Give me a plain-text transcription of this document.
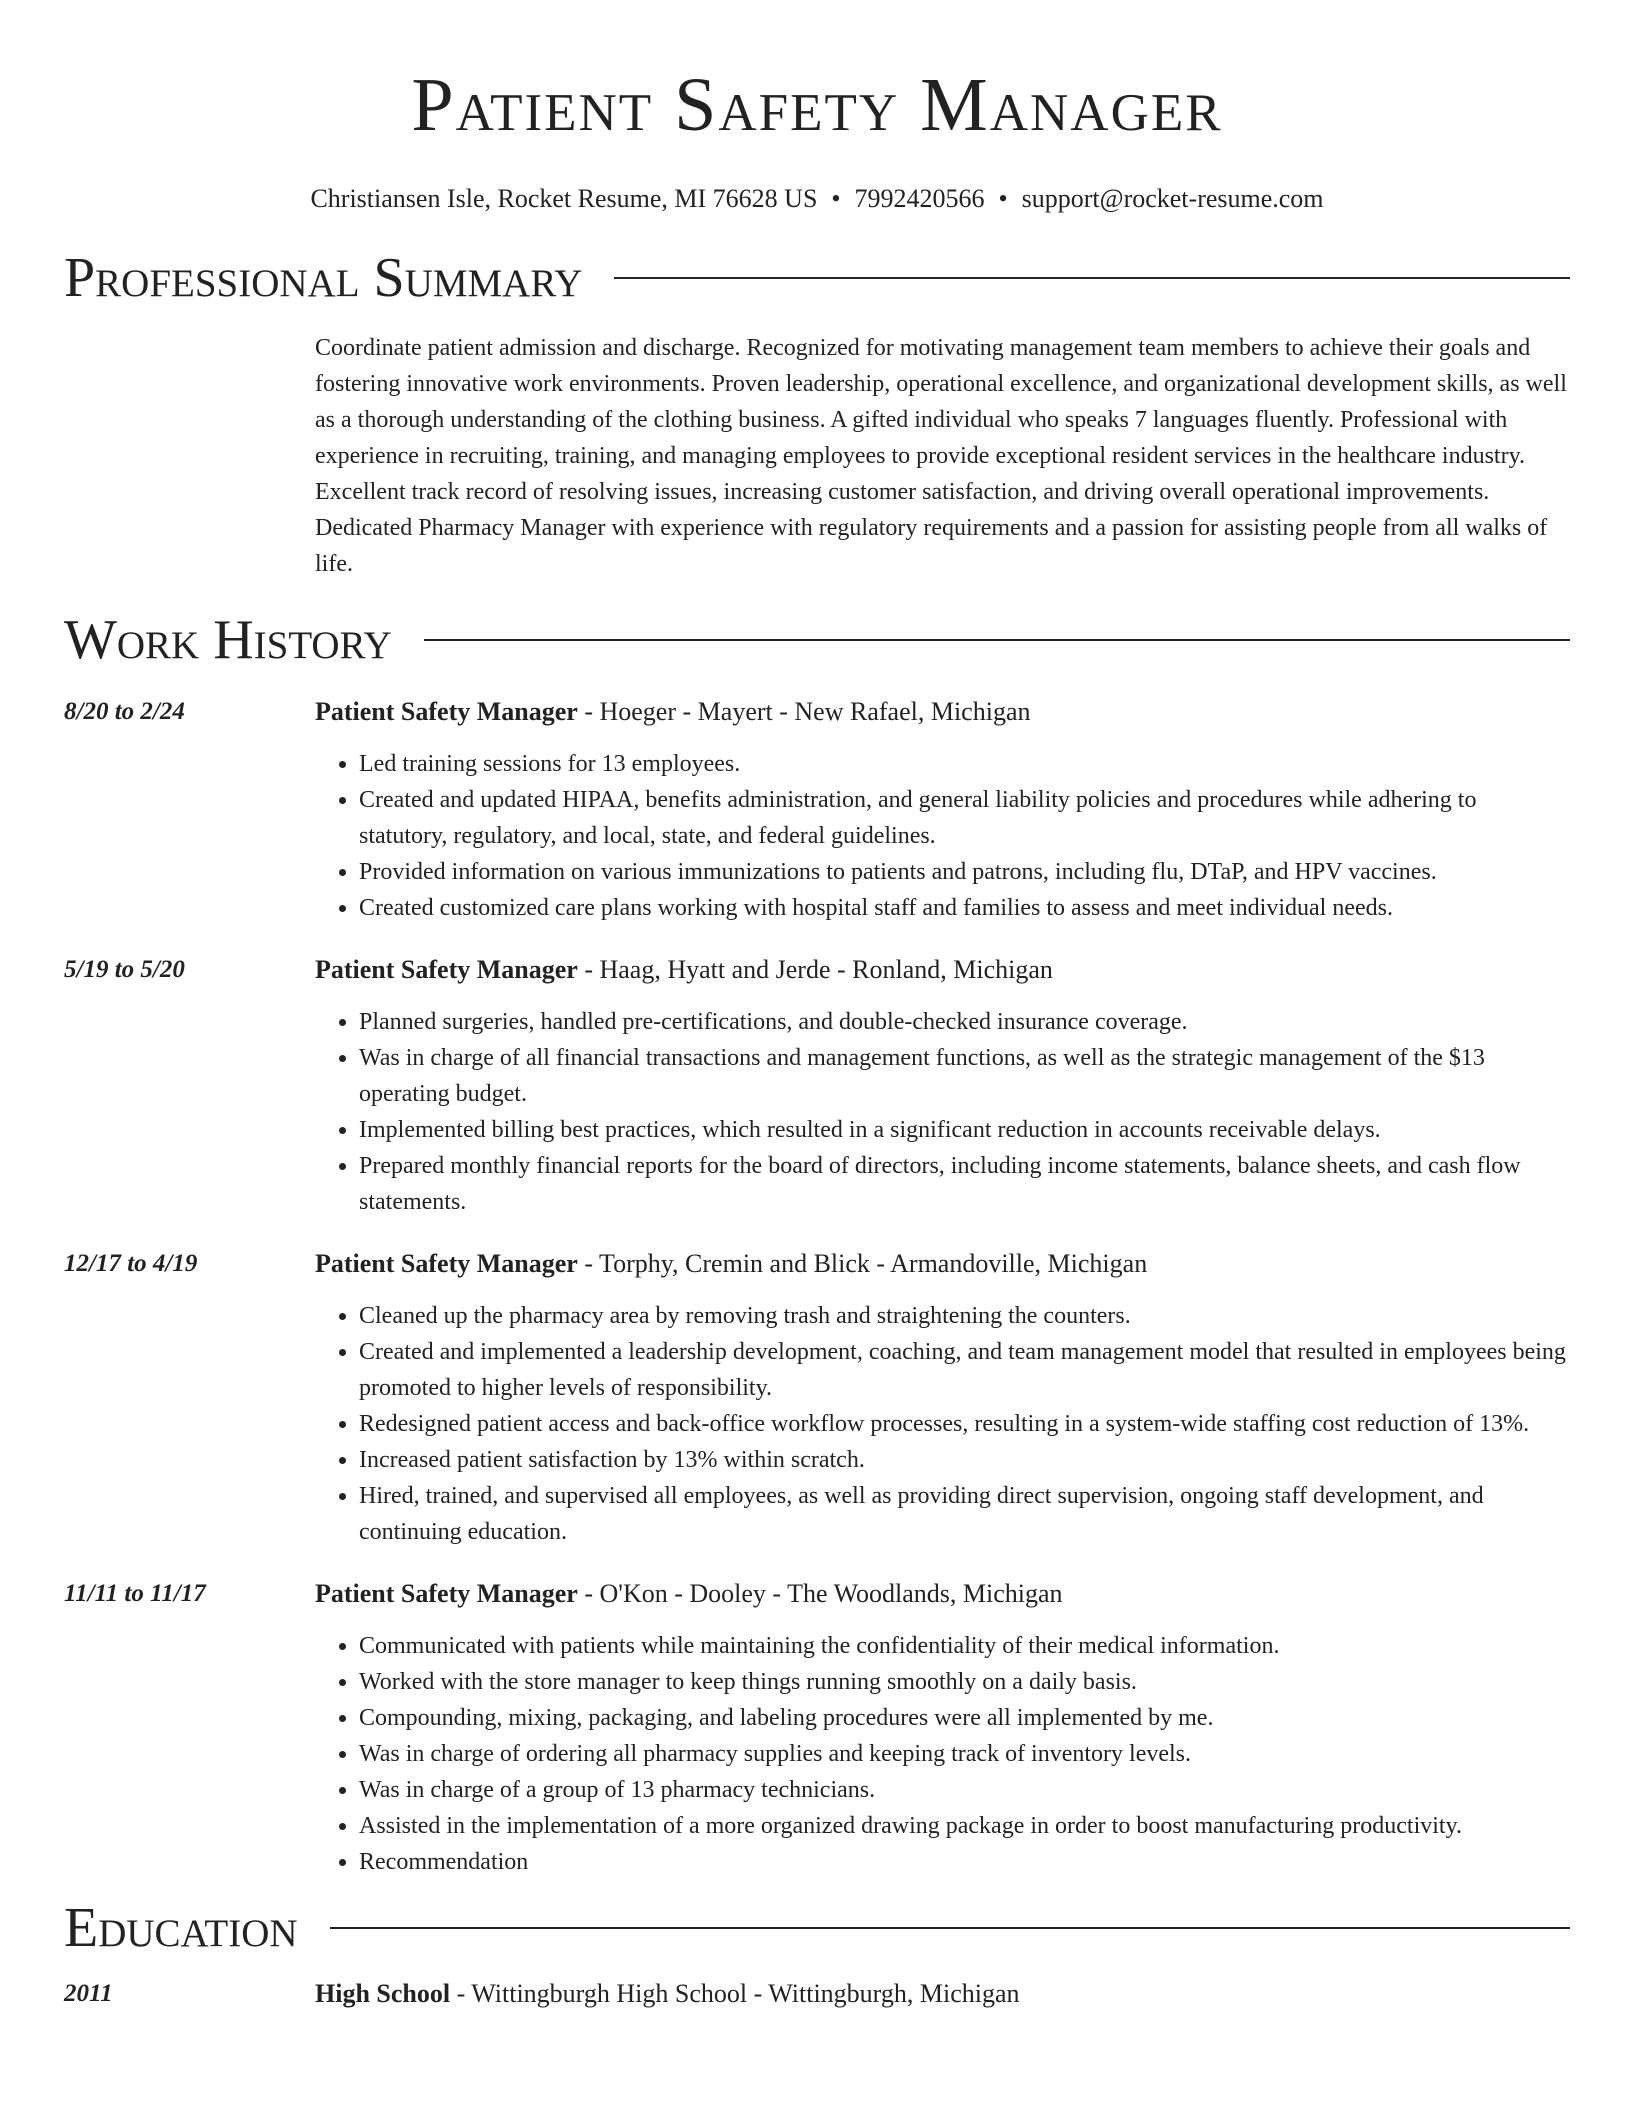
Patient Safety Manager
Christiansen Isle, Rocket Resume, MI 76628 US • 7992420566 • support@rocket-resume.com
Professional Summary
Coordinate patient admission and discharge. Recognized for motivating management team members to achieve their goals and fostering innovative work environments. Proven leadership, operational excellence, and organizational development skills, as well as a thorough understanding of the clothing business. A gifted individual who speaks 7 languages fluently. Professional with experience in recruiting, training, and managing employees to provide exceptional resident services in the healthcare industry. Excellent track record of resolving issues, increasing customer satisfaction, and driving overall operational improvements. Dedicated Pharmacy Manager with experience with regulatory requirements and a passion for assisting people from all walks of life.
Work History
8/20 to 2/24	Patient Safety Manager - Hoeger - Mayert - New Rafael, Michigan
• Led training sessions for 13 employees.
• Created and updated HIPAA, benefits administration, and general liability policies and procedures while adhering to statutory, regulatory, and local, state, and federal guidelines.
• Provided information on various immunizations to patients and patrons, including flu, DTaP, and HPV vaccines.
• Created customized care plans working with hospital staff and families to assess and meet individual needs.
5/19 to 5/20	Patient Safety Manager - Haag, Hyatt and Jerde - Ronland, Michigan
• Planned surgeries, handled pre-certifications, and double-checked insurance coverage.
• Was in charge of all financial transactions and management functions, as well as the strategic management of the $13 operating budget.
• Implemented billing best practices, which resulted in a significant reduction in accounts receivable delays.
• Prepared monthly financial reports for the board of directors, including income statements, balance sheets, and cash flow statements.
12/17 to 4/19	Patient Safety Manager - Torphy, Cremin and Blick - Armandoville, Michigan
• Cleaned up the pharmacy area by removing trash and straightening the counters.
• Created and implemented a leadership development, coaching, and team management model that resulted in employees being promoted to higher levels of responsibility.
• Redesigned patient access and back-office workflow processes, resulting in a system-wide staffing cost reduction of 13%.
• Increased patient satisfaction by 13% within scratch.
• Hired, trained, and supervised all employees, as well as providing direct supervision, ongoing staff development, and continuing education.
11/11 to 11/17	Patient Safety Manager - O'Kon - Dooley - The Woodlands, Michigan
• Communicated with patients while maintaining the confidentiality of their medical information.
• Worked with the store manager to keep things running smoothly on a daily basis.
• Compounding, mixing, packaging, and labeling procedures were all implemented by me.
• Was in charge of ordering all pharmacy supplies and keeping track of inventory levels.
• Was in charge of a group of 13 pharmacy technicians.
• Assisted in the implementation of a more organized drawing package in order to boost manufacturing productivity.
• Recommendation
Education
2011	High School - Wittingburgh High School - Wittingburgh, Michigan
